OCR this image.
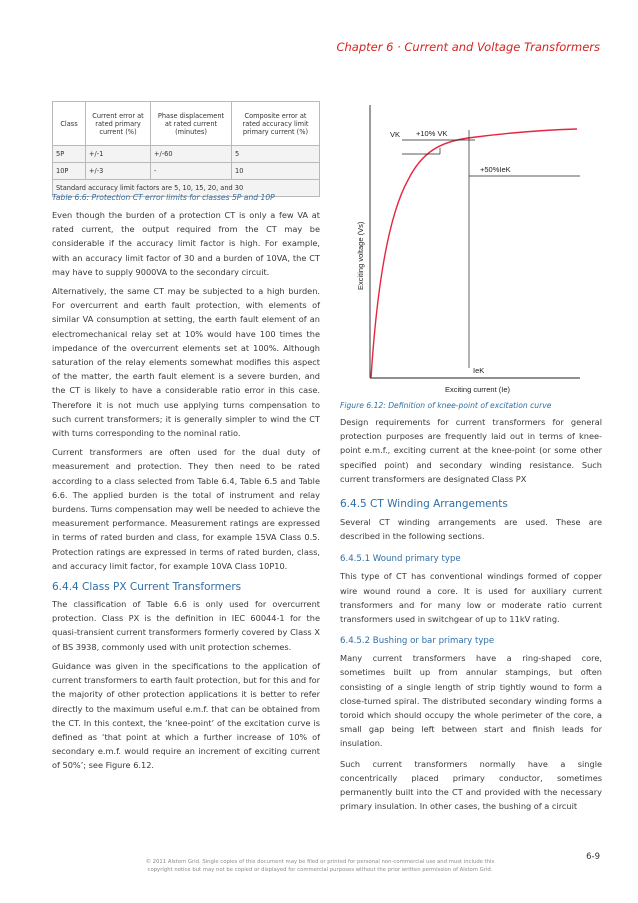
Chapter 6 · Current and Voltage Transformers
Class	Current error at rated primary current (%)	Phase displacement at rated current (minutes)	Composite error at rated accuracy limit primary current (%)
5P	+/-1	+/-60	5
10P	+/-3	-	10
Standard accuracy limit factors are 5, 10, 15, 20, and 30			
Table 6.6: Protection CT error limits for classes 5P and 10P

Even though the burden of a protection CT is only a few VA at rated current, the output required from the CT may be considerable if the accuracy limit factor is high. For example, with an accuracy limit factor of 30 and a burden of 10VA, the CT may have to supply 9000VA to the secondary circuit.

Alternatively, the same CT may be subjected to a high burden. For overcurrent and earth fault protection, with elements of similar VA consumption at setting, the earth fault element of an electromechanical relay set at 10% would have 100 times the impedance of the overcurrent elements set at 100%. Although saturation of the relay elements somewhat modifies this aspect of the matter, the earth fault element is a severe burden, and the CT is likely to have a considerable ratio error in this case. Therefore it is not much use applying turns compensation to such current transformers; it is generally simpler to wind the CT with turns corresponding to the nominal ratio.

Current transformers are often used for the dual duty of measurement and protection. They then need to be rated according to a class selected from Table 6.4, Table 6.5 and Table 6.6. The applied burden is the total of instrument and relay burdens. Turns compensation may well be needed to achieve the measurement performance. Measurement ratings are expressed in terms of rated burden and class, for example 15VA Class 0.5. Protection ratings are expressed in terms of rated burden, class, and accuracy limit factor, for example 10VA Class 10P10.

6.4.4 Class PX Current Transformers

The classification of Table 6.6 is only used for overcurrent protection. Class PX is the definition in IEC 60044-1 for the quasi-transient current transformers formerly covered by Class X of BS 3938, commonly used with unit protection schemes.

Guidance was given in the specifications to the application of current transformers to earth fault protection, but for this and for the majority of other protection applications it is better to refer directly to the maximum useful e.m.f. that can be obtained from the CT. In this context, the ‘knee-point’ of the excitation curve is defined as ‘that point at which a further increase of 10% of secondary e.m.f. would require an increment of exciting current of 50%’; see Figure 6.12.

VK +10% VK
+50%IeK
IeK
Exciting current (Ie)
Exciting voltage (Vs)
Figure 6.12: Definition of knee-point of excitation curve

Design requirements for current transformers for general protection purposes are frequently laid out in terms of knee-point e.m.f., exciting current at the knee-point (or some other specified point) and secondary winding resistance. Such current transformers are designated Class PX

6.4.5 CT Winding Arrangements

Several CT winding arrangements are used. These are described in the following sections.

6.4.5.1 Wound primary type

This type of CT has conventional windings formed of copper wire wound round a core. It is used for auxiliary current transformers and for many low or moderate ratio current transformers used in switchgear of up to 11kV rating.

6.4.5.2 Bushing or bar primary type

Many current transformers have a ring-shaped core, sometimes built up from annular stampings, but often consisting of a single length of strip tightly wound to form a close-turned spiral. The distributed secondary winding forms a toroid which should occupy the whole perimeter of the core, a small gap being left between start and finish leads for insulation.

Such current transformers normally have a single concentrically placed primary conductor, sometimes permanently built into the CT and provided with the necessary primary insulation. In other cases, the bushing of a circuit

© 2011 Alstom Grid. Single copies of this document may be filed or printed for personal non-commercial use and must include this
copyright notice but may not be copied or displayed for commercial purposes without the prior written permission of Alstom Grid.
6-9
